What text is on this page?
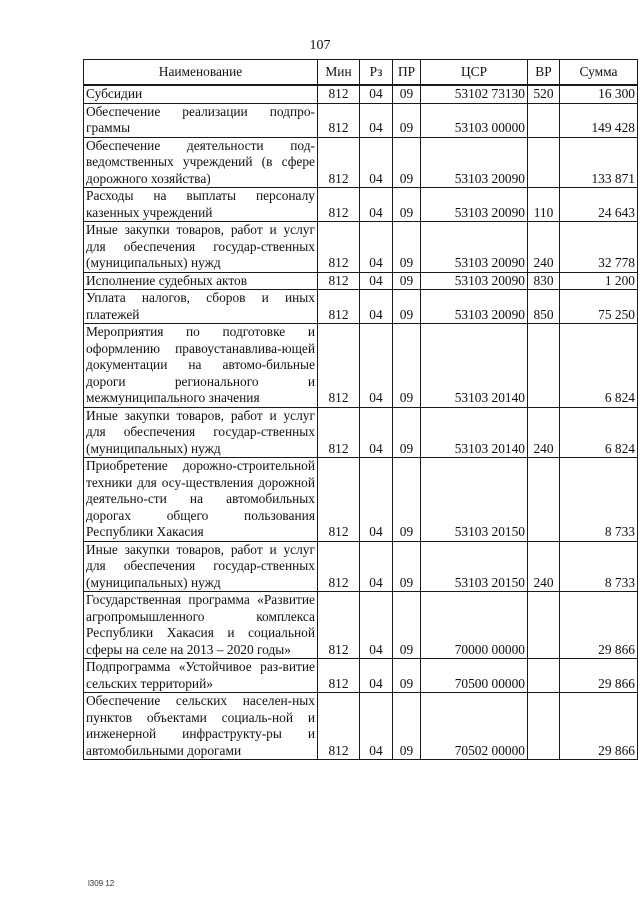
107
Наименование	Мин	Рз	ПР	ЦСР	ВР	Сумма
Субсидии	812	04	09	53102 73130	520	16 300
Обеспечение реализации подпро-граммы	812	04	09	53103 00000		149 428
Обеспечение деятельности под-ведомственных учреждений (в сфере дорожного хозяйства)	812	04	09	53103 20090		133 871
Расходы на выплаты персоналу казенных учреждений	812	04	09	53103 20090	110	24 643
Иные закупки товаров, работ и услуг для обеспечения государ-ственных (муниципальных) нужд	812	04	09	53103 20090	240	32 778
Исполнение судебных актов	812	04	09	53103 20090	830	1 200
Уплата налогов, сборов и иных платежей	812	04	09	53103 20090	850	75 250
Мероприятия по подготовке и оформлению правоустанавлива-ющей документации на автомо-бильные дороги регионального и межмуниципального значения	812	04	09	53103 20140		6 824
Иные закупки товаров, работ и услуг для обеспечения государ-ственных (муниципальных) нужд	812	04	09	53103 20140	240	6 824
Приобретение дорожно-строительной техники для осу-ществления дорожной деятельно-сти на автомобильных дорогах общего пользования Республики Хакасия	812	04	09	53103 20150		8 733
Иные закупки товаров, работ и услуг для обеспечения государ-ственных (муниципальных) нужд	812	04	09	53103 20150	240	8 733
Государственная программа «Развитие агропромышленного комплекса Республики Хакасия и социальной сферы на селе на 2013 – 2020 годы»	812	04	09	70000 00000		29 866
Подпрограмма «Устойчивое раз-витие сельских территорий»	812	04	09	70500 00000		29 866
Обеспечение сельских населен-ных пунктов объектами социаль-ной и инженерной инфраструкту-ры и автомобильными дорогами	812	04	09	70502 00000		29 866
l309 12
